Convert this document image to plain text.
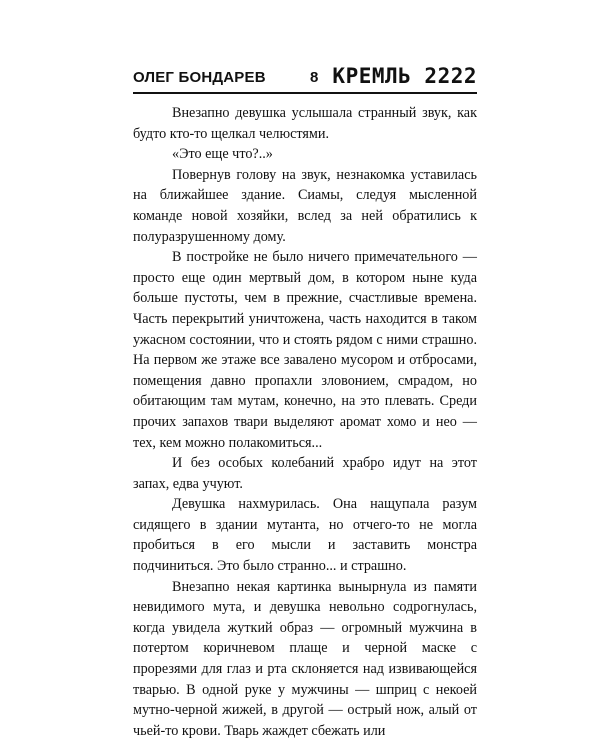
ОЛЕГ БОНДАРЕВ	8 КРЕМЛЬ 2222

Внезапно девушка услышала странный звук, как будто кто-то щелкал челюстями.

«Это еще что?..»

Повернув голову на звук, незнакомка уставилась на ближайшее здание. Сиамы, следуя мысленной команде новой хозяйки, вслед за ней обратились к полуразрушенному дому.

В постройке не было ничего примечательного — просто еще один мертвый дом, в котором ныне куда больше пустоты, чем в прежние, счастливые времена. Часть перекрытий уничтожена, часть находится в таком ужасном состоянии, что и стоять рядом с ними страшно. На первом же этаже все завалено мусором и отбросами, помещения давно пропахли зловонием, смрадом, но обитающим там мутам, конечно, на это плевать. Среди прочих запахов твари выделяют аромат хомо и нео — тех, кем можно полакомиться...

И без особых колебаний храбро идут на этот запах, едва учуют.

Девушка нахмурилась. Она нащупала разум сидящего в здании мутанта, но отчего-то не могла пробиться в его мысли и заставить монстра подчиниться. Это было странно... и страшно.

Внезапно некая картинка вынырнула из памяти невидимого мута, и девушка невольно содрогнулась, когда увидела жуткий образ — огромный мужчина в потертом коричневом плаще и черной маске с прорезями для глаз и рта склоняется над извивающейся тварью. В одной руке у мужчины — шприц с некоей мутно-черной жижей, в другой — острый нож, алый от чьей-то крови. Тварь жаждет сбежать или
